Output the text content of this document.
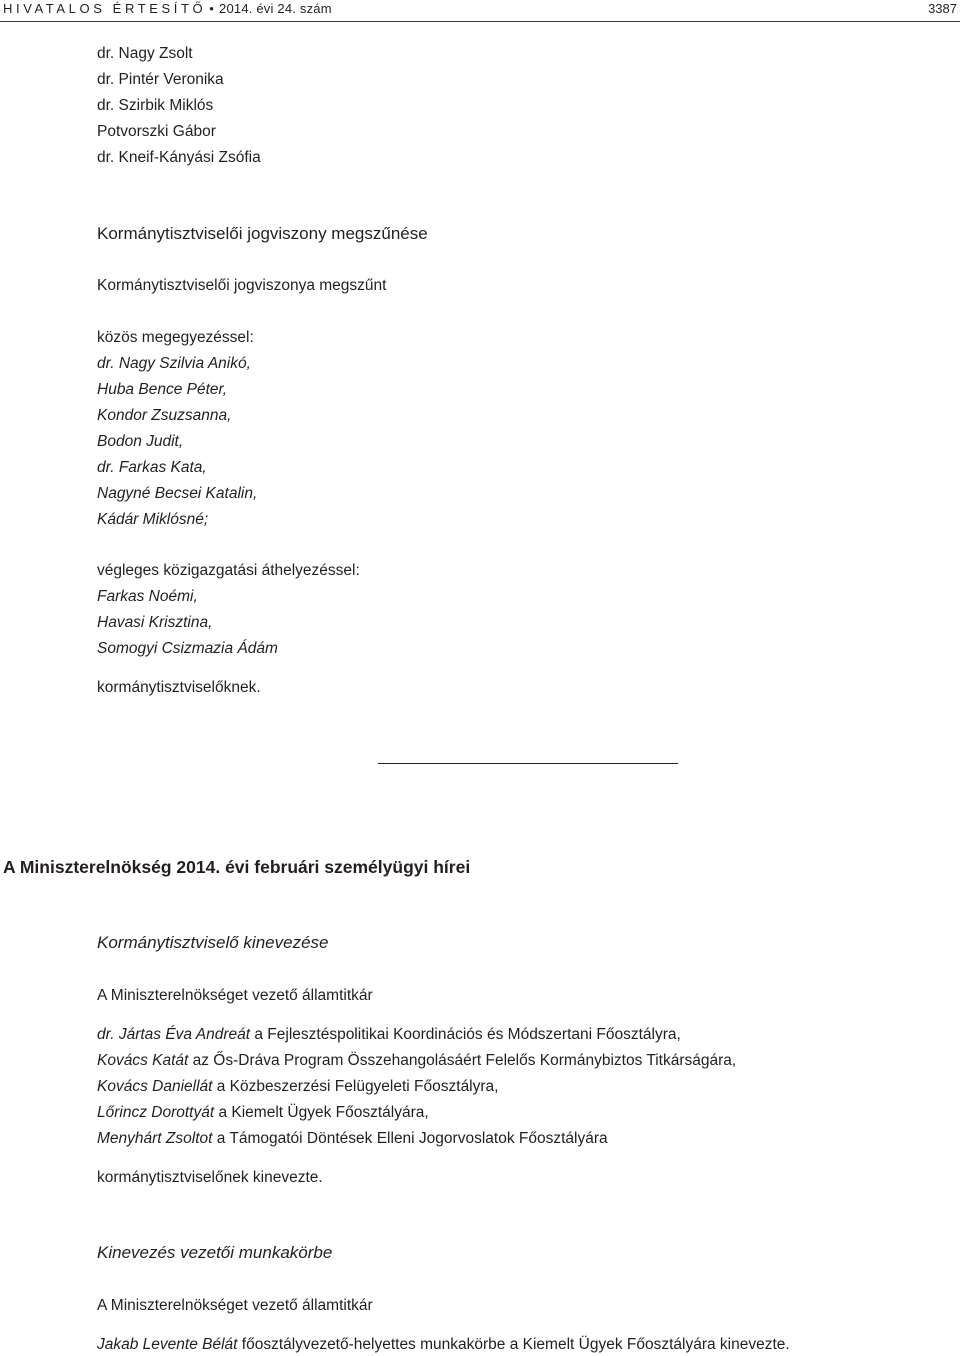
HIVATALOS ÉRTESÍTŐ • 2014. évi 24. szám	3387
dr. Nagy Zsolt
dr. Pintér Veronika
dr. Szirbik Miklós
Potvorszki Gábor
dr. Kneif-Kányási Zsófia
Kormánytisztviselői jogviszony megszűnése
Kormánytisztviselői jogviszonya megszűnt
közös megegyezéssel:
dr. Nagy Szilvia Anikó,
Huba Bence Péter,
Kondor Zsuzsanna,
Bodon Judit,
dr. Farkas Kata,
Nagyné Becsei Katalin,
Kádár Miklósné;
végleges közigazgatási áthelyezéssel:
Farkas Noémi,
Havasi Krisztina,
Somogyi Csizmazia Ádám
kormánytisztviselőknek.
A Miniszterelnökség 2014. évi februári személyügyi hírei
Kormánytisztviselő kinevezése
A Miniszterelnökséget vezető államtitkár
dr. Jártas Éva Andreát a Fejlesztéspolitikai Koordinációs és Módszertani Főosztályra,
Kovács Katát az Ős-Dráva Program Összehangolásáért Felelős Kormánybiztos Titkárságára,
Kovács Daniellát a Közbeszerzési Felügyeleti Főosztályra,
Lőrincz Dorottyát a Kiemelt Ügyek Főosztályára,
Menyhárt Zsoltot a Támogatói Döntések Elleni Jogorvoslatok Főosztályára
kormánytisztviselőnek kinevezte.
Kinevezés vezetői munkakörbe
A Miniszterelnökséget vezető államtitkár
Jakab Levente Bélát főosztályvezető-helyettes munkakörbe a Kiemelt Ügyek Főosztályára kinevezte.
